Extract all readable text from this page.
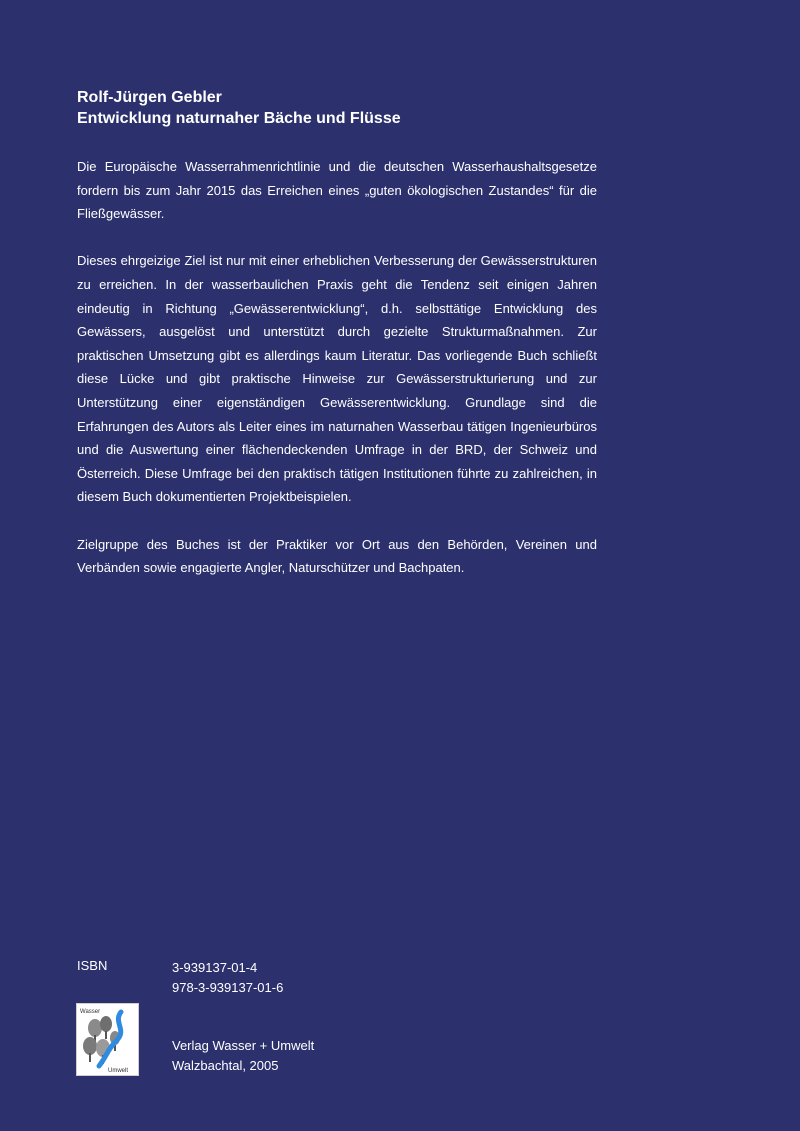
Rolf-Jürgen Gebler
Entwicklung naturnaher Bäche und Flüsse

Die Europäische Wasserrahmenrichtlinie und die deutschen Wasserhaushaltsgesetze fordern bis zum Jahr 2015 das Erreichen eines „guten ökologischen Zustandes“ für die Fließgewässer.

Dieses ehrgeizige Ziel ist nur mit einer erheblichen Verbesserung der Gewässerstrukturen zu erreichen. In der wasserbaulichen Praxis geht die Tendenz seit einigen Jahren eindeutig in Richtung „Gewässerentwicklung“, d.h. selbsttätige Entwicklung des Gewässers, ausgelöst und unterstützt durch gezielte Strukturmaßnahmen. Zur praktischen Umsetzung gibt es allerdings kaum Literatur. Das vorliegende Buch schließt diese Lücke und gibt praktische Hinweise zur Gewässerstrukturierung und zur Unterstützung einer eigenständigen Gewässerentwicklung. Grundlage sind die Erfahrungen des Autors als Leiter eines im naturnahen Wasserbau tätigen Ingenieurbüros und die Auswertung einer flächendeckenden Umfrage in der BRD, der Schweiz und Österreich. Diese Umfrage bei den praktisch tätigen Institutionen führte zu zahlreichen, in diesem Buch dokumentierten Projektbeispielen.

Zielgruppe des Buches ist der Praktiker vor Ort aus den Behörden, Vereinen und Verbänden sowie engagierte Angler, Naturschützer und Bachpaten.

ISBN	3-939137-01-4
978-3-939137-01-6
Wasser
Umwelt
Verlag Wasser + Umwelt
Walzbachtal, 2005
